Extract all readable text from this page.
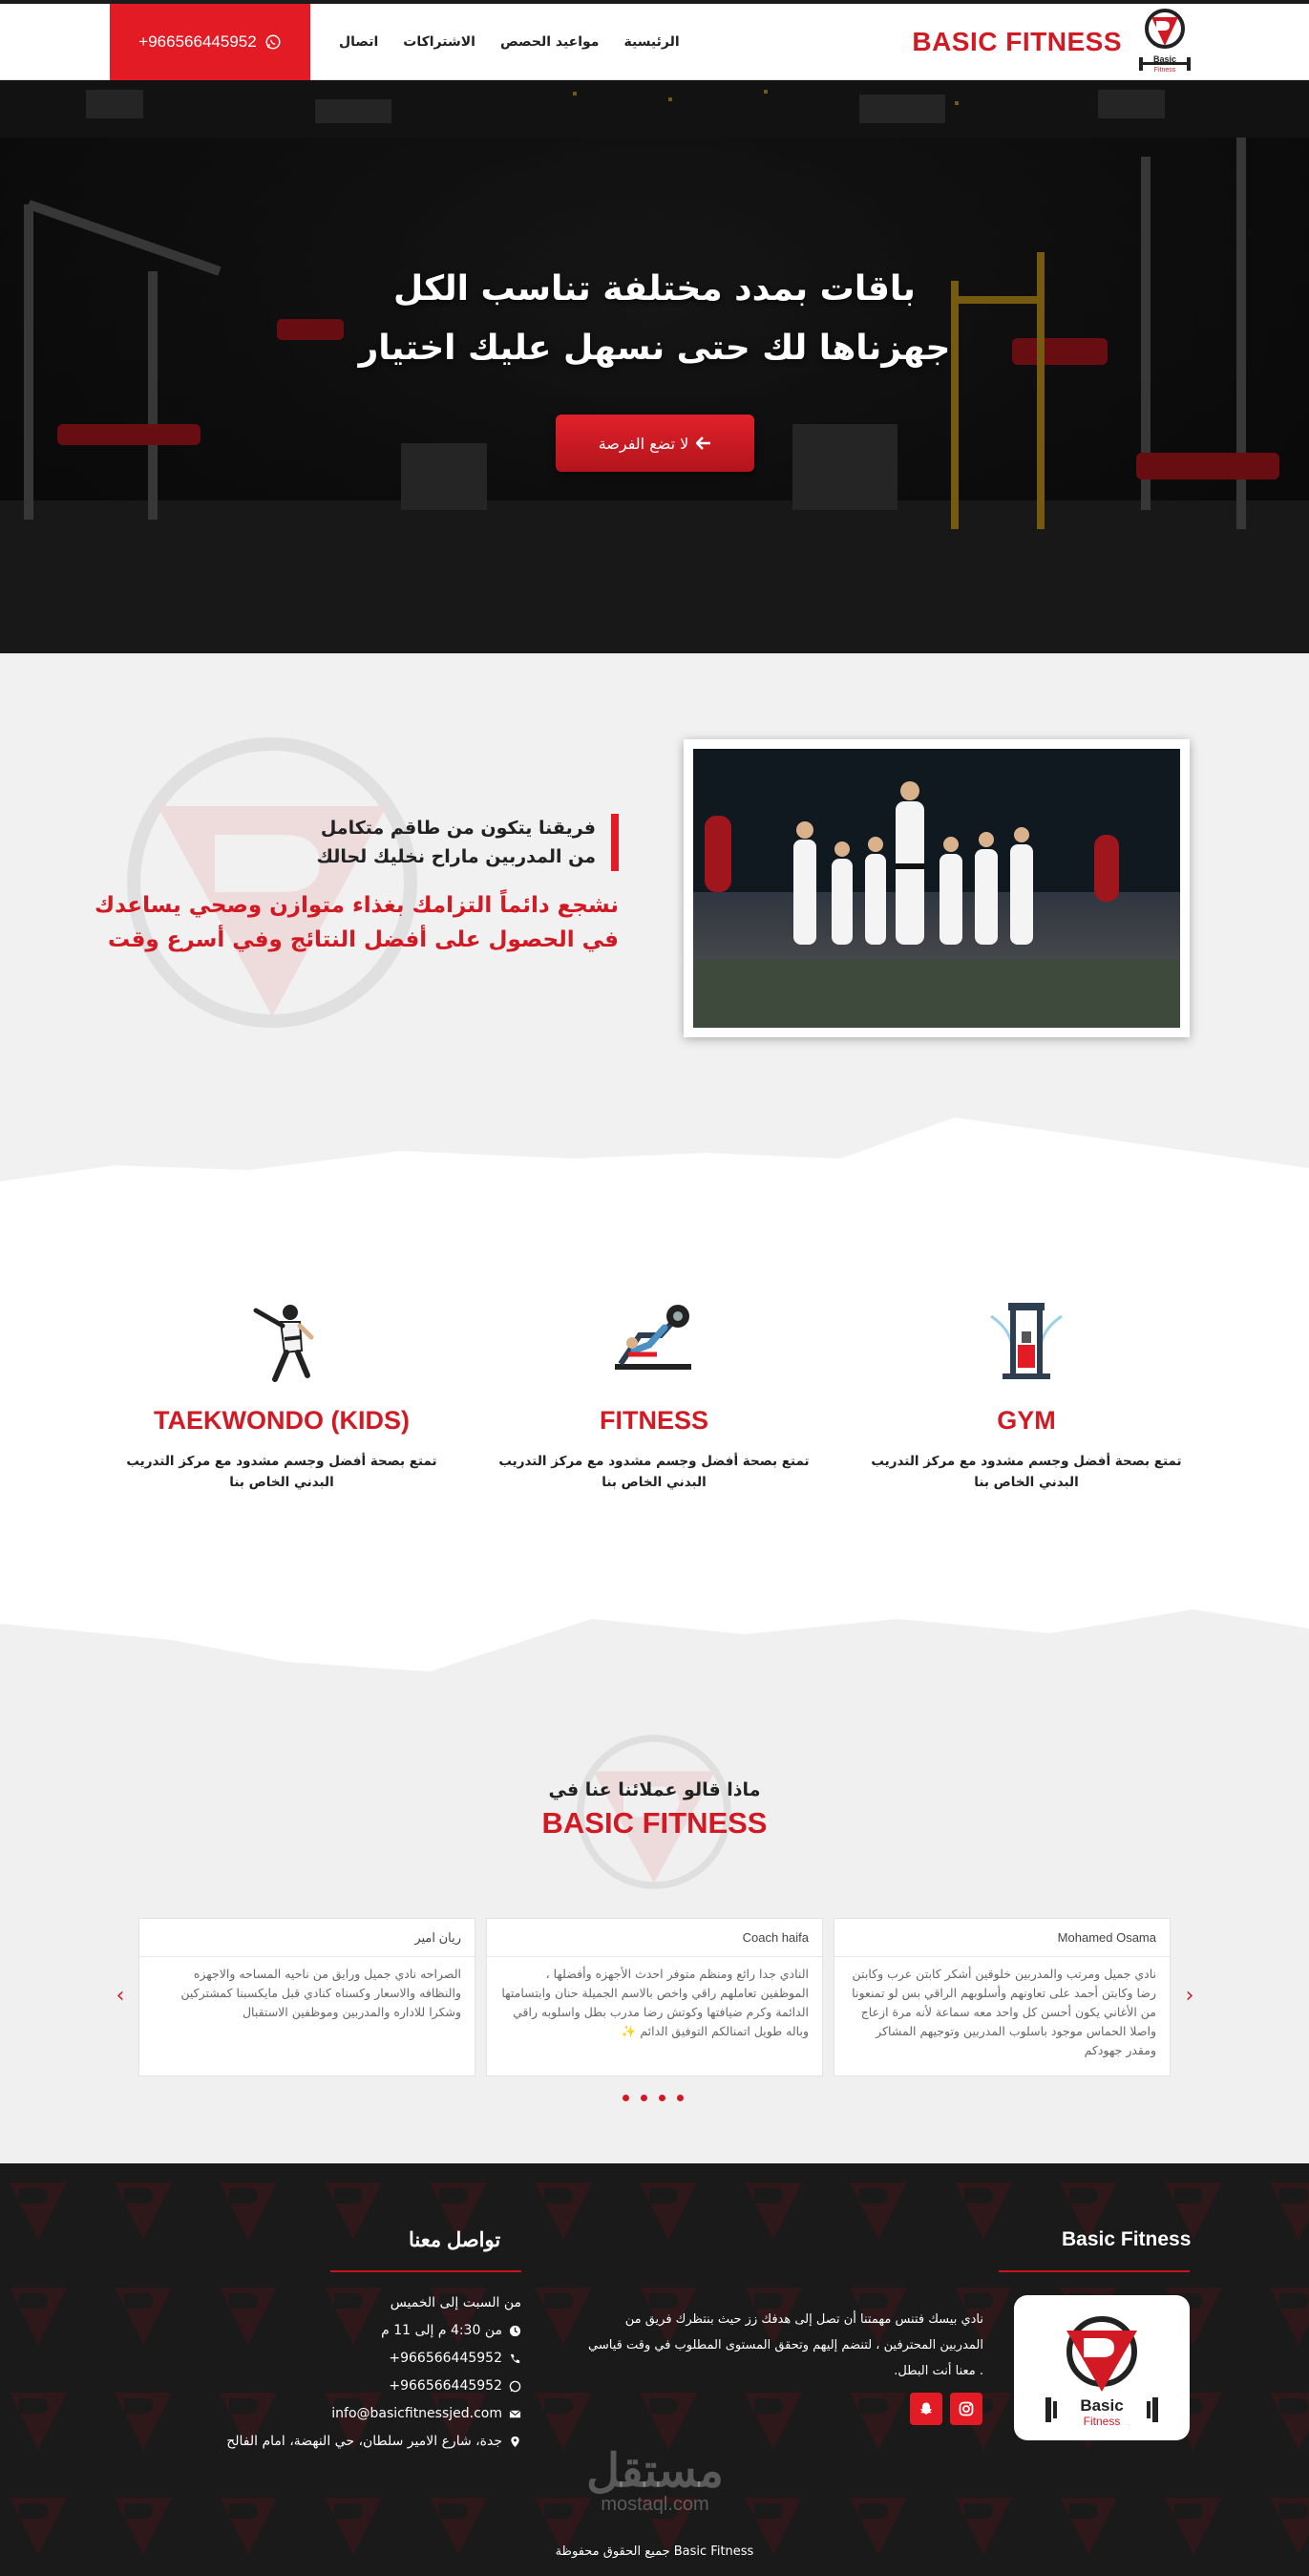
+966566445952	اتصال الاشتراكات مواعيد الحصص الرئيسية	BASIC FITNESS
Basic
Fitness
باقات بمدد مختلفة تناسب الكل
جهزناها لك حتى نسهل عليك اختيار
لا تضع الفرصة
فريقنا يتكون من طاقم متكامل
من المدربين ماراح نخليك لحالك
نشجع دائماً التزامك بغذاء متوازن وصحي يساعدك
في الحصول على أفضل النتائج وفي أسرع وقت
TAEKWONDO (KIDS)

تمتع بصحة أفضل وجسم مشدود مع مركز التدريب
البدني الخاص بنا

FITNESS

تمتع بصحة أفضل وجسم مشدود مع مركز التدريب
البدني الخاص بنا

GYM

تمتع بصحة أفضل وجسم مشدود مع مركز التدريب
البدني الخاص بنا

ماذا قالو عملائنا عنا في
BASIC FITNESS
‹	›
ريان امير
الصراحه نادي جميل ورايق من ناحيه المساحه والاجهزه والنظافه والاسعار وكسناه كنادي قبل مايكسبنا كمشتركين وشكرا للاداره والمدربين وموظفين الاستقبال
Coach haifa
النادي جدا رائع ومنظم متوفر احدث الأجهزه وأفضلها ، الموظفين تعاملهم راقي واخص بالاسم الجميلة حنان وابتسامتها الدائمة وكرم ضيافتها وكوتش رضا مدرب بطل واسلوبه راقي وباله طويل اتمنالكم التوفيق الدائم ✨
Mohamed Osama
نادي جميل ومرتب والمدربين خلوقين أشكر كابتن عرب وكابتن رضا وكابتن أحمد على تعاونهم وأسلوبهم الراقي بس لو تمنعونا من الأغاني يكون أحسن كل واحد معه سماعة لأنه مرة ازعاج واصلا الحماس موجود باسلوب المدربين وتوجيهم المشاكر ومقدر جهودكم
Basic Fitness
تواصل معنا
Basic
Fitness
نادي بيسك فتنس مهمتنا أن تصل إلى هدفك زز حيث بنتظرك فريق من المدربين المحترفين ، لتنضم إليهم وتحقق المستوى المطلوب في وقت قياسي . معنا أنت البطل.
من السبت إلى الخميس
من 4:30 م إلى 11 م
+966566445952
+966566445952
info@basicfitnessjed.com
جدة، شارع الامير سلطان، حي النهضة، امام الفالح
مستقل
mostaql.com
جميع الحقوق محفوظة Basic Fitness
